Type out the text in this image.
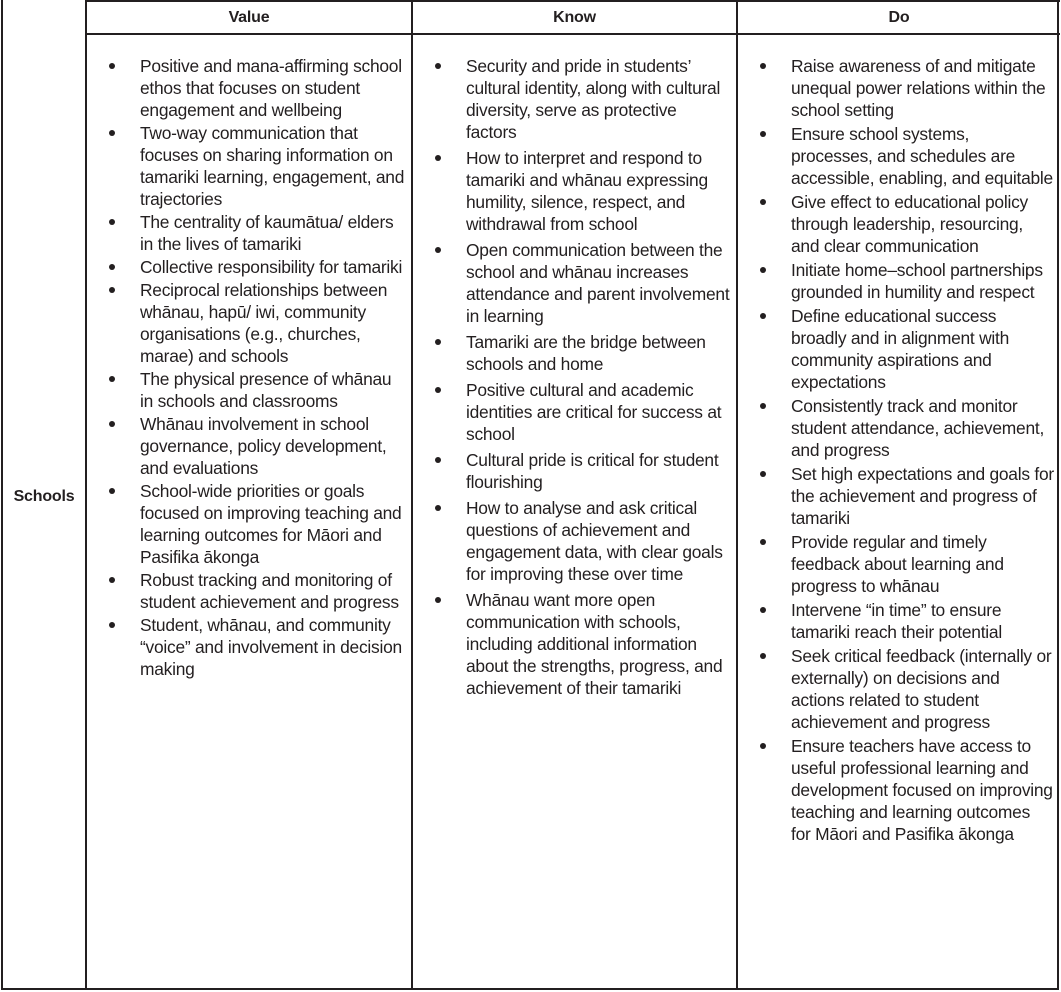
Schools
Value
Positive and mana-affirming school ethos that focuses on student engagement and wellbeing
Two-way communication that focuses on sharing information on tamariki learning, engagement, and trajectories
The centrality of kaumātua/ elders in the lives of tamariki
Collective responsibility for tamariki
Reciprocal relationships between whānau, hapū/ iwi, community organisations (e.g., churches, marae) and schools
The physical presence of whānau in schools and classrooms
Whānau involvement in school governance, policy development, and evaluations
School-wide priorities or goals focused on improving teaching and learning outcomes for Māori and Pasifika ākonga
Robust tracking and monitoring of student achievement and progress
Student, whānau, and community “voice” and involvement in decision making
Know
Security and pride in students’ cultural identity, along with cultural diversity, serve as protective factors
How to interpret and respond to tamariki and whānau expressing humility, silence, respect, and withdrawal from school
Open communication between the school and whānau increases attendance and parent involvement in learning
Tamariki are the bridge between schools and home
Positive cultural and academic identities are critical for success at school
Cultural pride is critical for student flourishing
How to analyse and ask critical questions of achievement and engagement data, with clear goals for improving these over time
Whānau want more open communication with schools, including additional information about the strengths, progress, and achievement of their tamariki
Do
Raise awareness of and mitigate unequal power relations within the school setting
Ensure school systems, processes, and schedules are accessible, enabling, and equitable
Give effect to educational policy through leadership, resourcing, and clear communication
Initiate home–school partnerships grounded in humility and respect
Define educational success broadly and in alignment with community aspirations and expectations
Consistently track and monitor student attendance, achievement, and progress
Set high expectations and goals for the achievement and progress of tamariki
Provide regular and timely feedback about learning and progress to whānau
Intervene “in time” to ensure tamariki reach their potential
Seek critical feedback (internally or externally) on decisions and actions related to student achievement and progress
Ensure teachers have access to useful professional learning and development focused on improving teaching and learning outcomes for Māori and Pasifika ākonga
